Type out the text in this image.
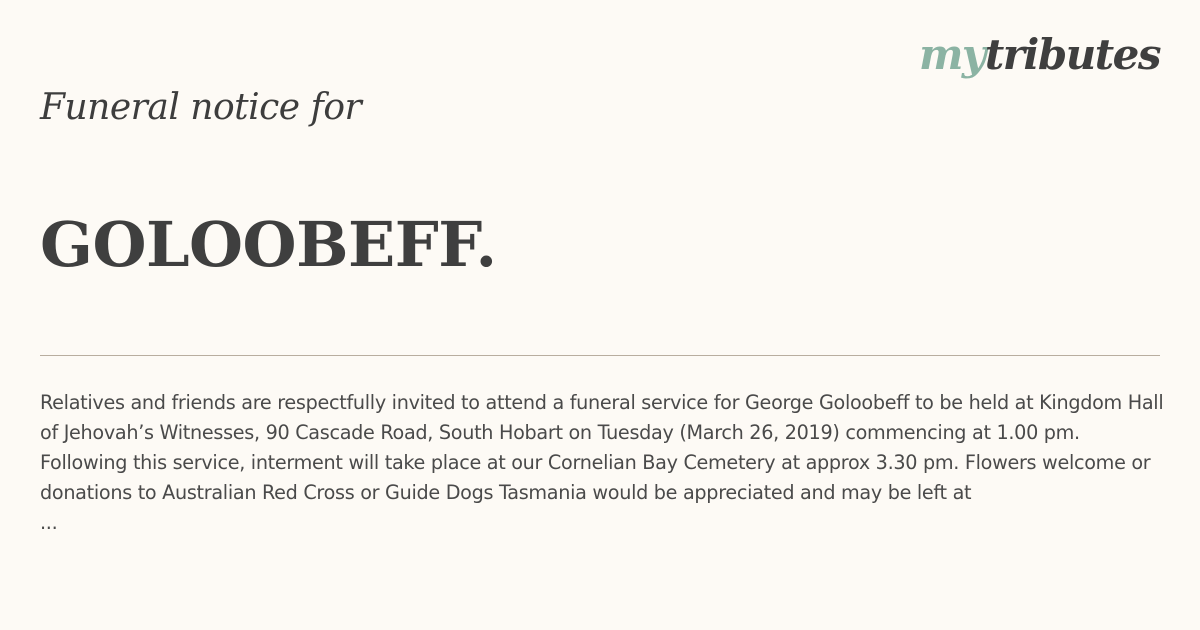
mytributes
Funeral notice for
GOLOOBEFF.

Relatives and friends are respectfully invited to attend a funeral service for George Goloobeff to be held at Kingdom Hall of Jehovah’s Witnesses, 90 Cascade Road, South Hobart on Tuesday (March 26, 2019) commencing at 1.00 pm.

Following this service, interment will take place at our Cornelian Bay Cemetery at approx 3.30 pm. Flowers welcome or donations to Australian Red Cross or Guide Dogs Tasmania would be appreciated and may be left at

...
